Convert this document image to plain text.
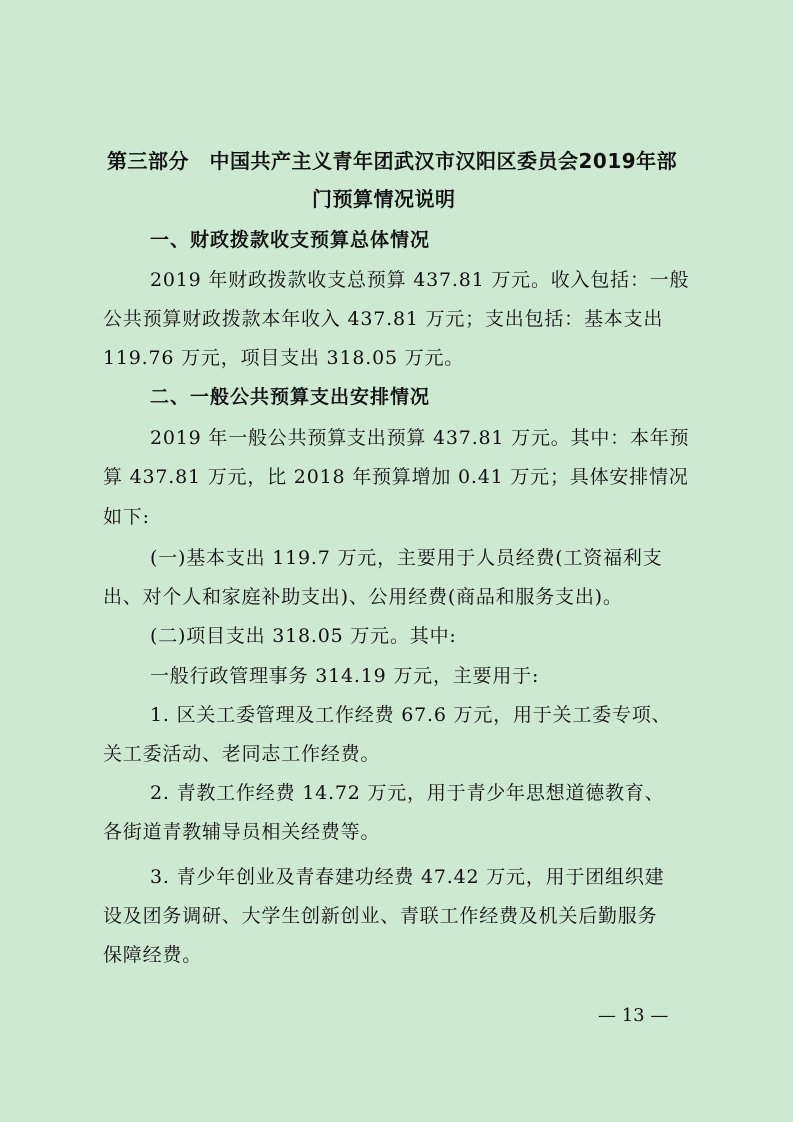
第三部分　中国共产主义青年团武汉市汉阳区委员会2019年部
门预算情况说明
一、财政拨款收支预算总体情况
2019 年财政拨款收支总预算 437.81 万元。收入包括：一般
公共预算财政拨款本年收入 437.81 万元；支出包括：基本支出
119.76 万元，项目支出 318.05 万元。
二、一般公共预算支出安排情况
2019 年一般公共预算支出预算 437.81 万元。其中：本年预
算 437.81 万元，比 2018 年预算增加 0.41 万元；具体安排情况
如下:
(一)基本支出 119.7 万元，主要用于人员经费(工资福利支
出、对个人和家庭补助支出)、公用经费(商品和服务支出)。
(二)项目支出 318.05 万元。其中:
一般行政管理事务 314.19 万元，主要用于:
1. 区关工委管理及工作经费 67.6 万元，用于关工委专项、
关工委活动、老同志工作经费。
2. 青教工作经费 14.72 万元，用于青少年思想道德教育、
各街道青教辅导员相关经费等。
3. 青少年创业及青春建功经费 47.42 万元，用于团组织建
设及团务调研、大学生创新创业、青联工作经费及机关后勤服务
保障经费。
— 13 —
